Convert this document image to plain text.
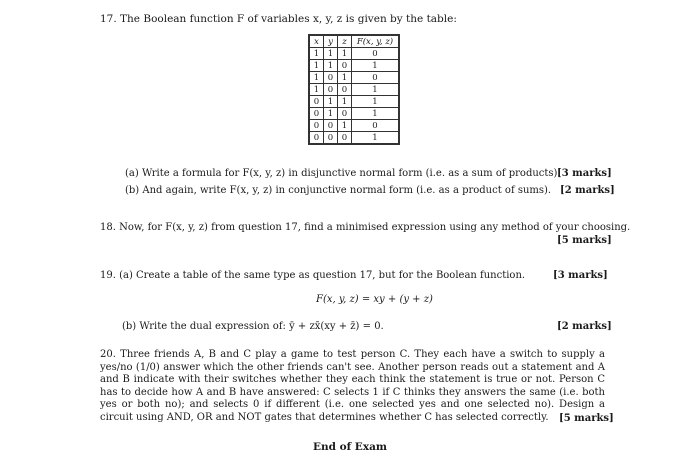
17. The Boolean function F of variables x, y, z is given by the table:
x	y	z	F(x, y, z)
1	1	1	0
1	1	0	1
1	0	1	0
1	0	0	1
0	1	1	1
0	1	0	1
0	0	1	0
0	0	0	1
(a) Write a formula for F(x, y, z) in disjunctive normal form (i.e. as a sum of products).
[3 marks]
(b) And again, write F(x, y, z) in conjunctive normal form (i.e. as a product of sums). [2 marks]
18. Now, for F(x, y, z) from question 17, find a minimised expression using any method of your choosing.
[5 marks]
19. (a) Create a table of the same type as question 17, but for the Boolean function.	[3 marks]
F(x, y, z) = xy + (y + z)
(b) Write the dual expression of: ȳ + zx̄(xy + z̄) = 0.	[2 marks]
20. Three friends A, B and C play a game to test person C. They each have a switch to supply a yes/no (1/0) answer which the other friends can't see. Another person reads out a statement and A and B indicate with their switches whether they each think the statement is true or not. Person C has to decide how A and B have answered: C selects 1 if C thinks they answers the same (i.e. both yes or both no); and selects 0 if different (i.e. one selected yes and one selected no). Design a circuit using AND, OR and NOT gates that determines whether C has selected correctly.	[5 marks]
End of Exam
